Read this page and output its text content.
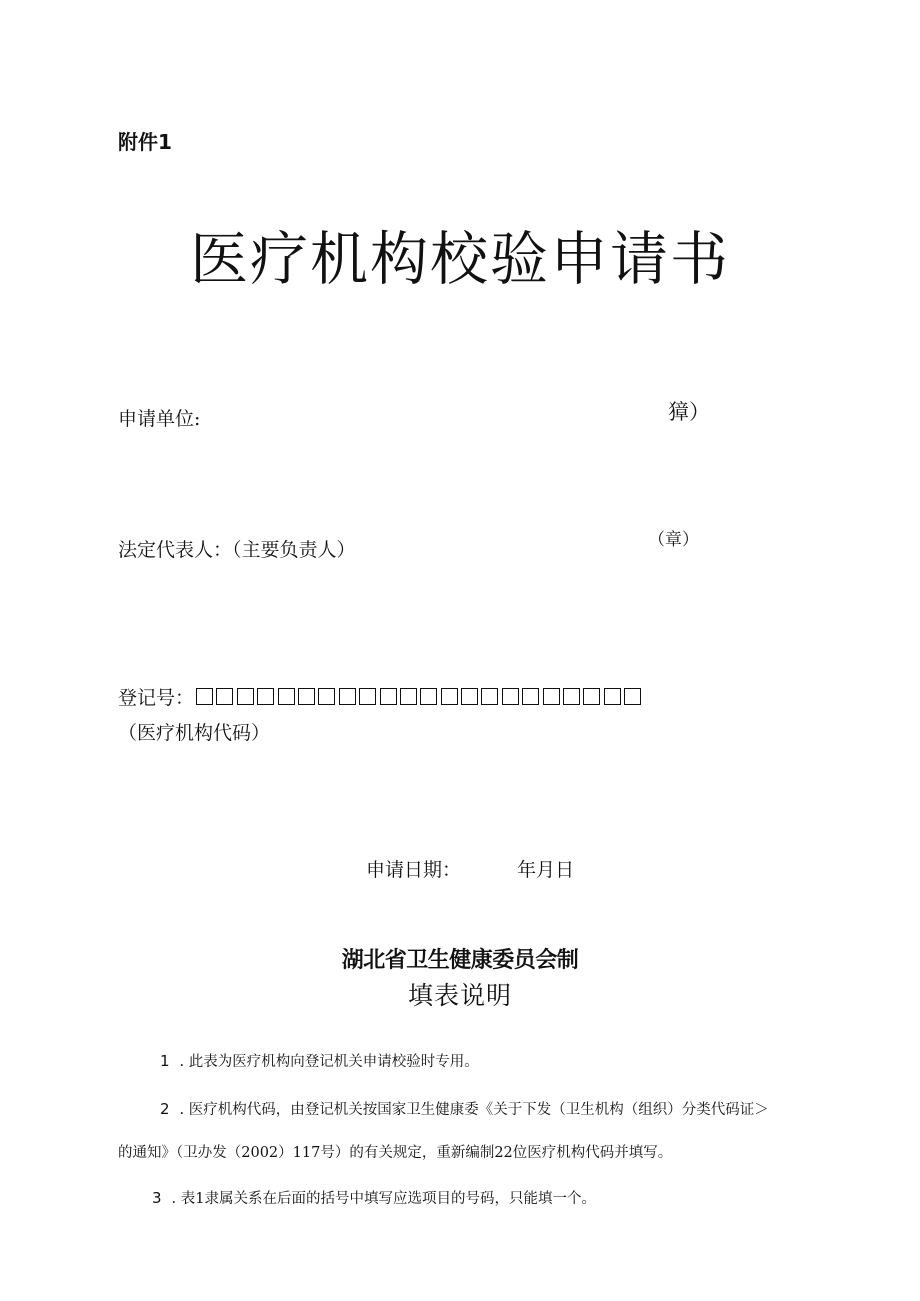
附件1
医疗机构校验申请书
申请单位:	獐）
法定代表人：（主要负责人）	（章）
登记号：
（医疗机构代码）
申请日期：	年月日
湖北省卫生健康委员会制
填表说明
1 . 此表为医疗机构向登记机关申请校验时专用。
2 . 医疗机构代码，由登记机关按国家卫生健康委《关于下发（卫生机构（组织）分类代码证＞
的通知》（卫办发（2002）117号）的有关规定，重新编制22位医疗机构代码并填写。
3 . 表1隶属关系在后面的括号中填写应选项目的号码，只能填一个。
